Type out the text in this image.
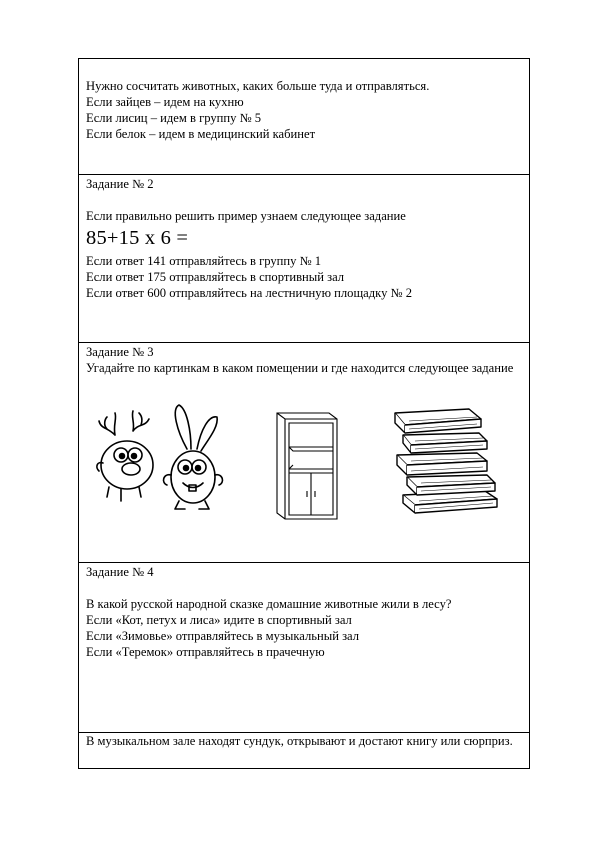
Нужно сосчитать животных, каких больше туда и отправляться.
Если зайцев – идем на кухню
Если лисиц – идем в группу № 5
Если белок – идем в медицинский кабинет
Задание № 2
Если правильно решить пример узнаем следующее задание
85+15 х 6 =
Если ответ 141 отправляйтесь в группу № 1
Если ответ 175 отправляйтесь в спортивный зал
Если ответ 600 отправляйтесь на лестничную площадку № 2
Задание № 3
Угадайте по картинкам в каком помещении и где находится следующее задание
Задание № 4
В какой русской народной сказке домашние животные жили в лесу?
Если «Кот, петух и лиса» идите в спортивный зал
Если «Зимовье» отправляйтесь в музыкальный зал
Если «Теремок» отправляйтесь в прачечную
В музыкальном зале находят сундук, открывают и достают книгу или сюрприз.
